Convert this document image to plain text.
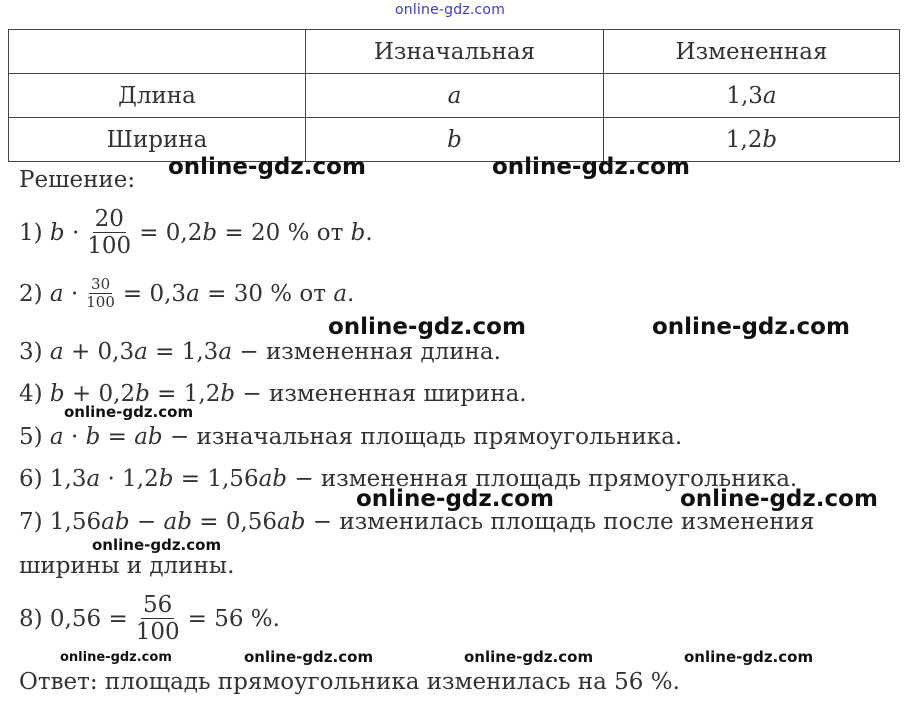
online-gdz.com
	Изначальная	Измененная
Длина	a	1,3a
Ширина	b	1,2b
Решение:
1)
$b \cdot \frac{20}{100} = 0,2$ b = 20 % от b .
2)
$a \cdot \frac{30}{100} = 0,3$ a = 30 % от a .
3) a + 0,3a = 1,3a − измененная длина.
4) b + 0,2b = 1,2b − измененная ширина.
5) a · b = ab − изначальная площадь прямоугольника.
6) 1,3a · 1,2b = 1,56ab − измененная площадь прямоугольника.
7) 1,56ab − ab = 0,56ab − изменилась площадь после изменения
ширины и длины.
8)
$0,56 = \frac{56}{100} = 56$ %.
Ответ: площадь прямоугольника изменилась на 56 %.
online-gdz.com	online-gdz.com
online-gdz.com	online-gdz.com
online-gdz.com
online-gdz.com	online-gdz.com
online-gdz.com
online-gdz.com	online-gdz.com	online-gdz.com	online-gdz.com
